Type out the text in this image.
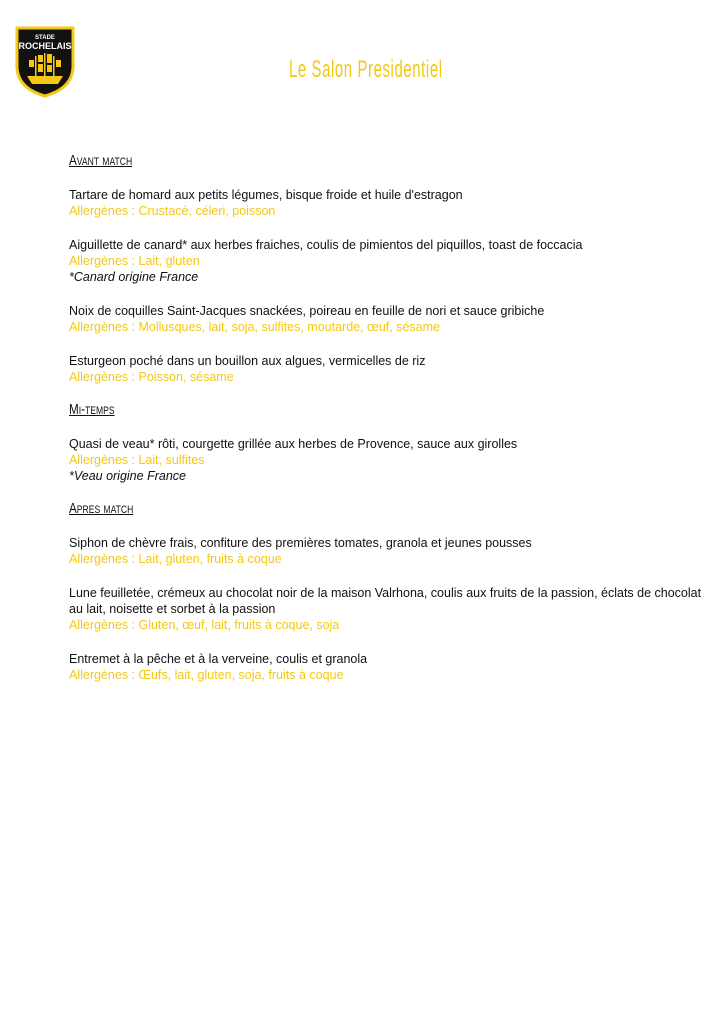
STADE
ROCHELAIS
Le Salon Presidentiel
Avant match

Tartare de homard aux petits légumes, bisque froide et huile d'estragon

Allergènes : Crustacé, céleri, poisson

Aiguillette de canard* aux herbes fraiches, coulis de pimientos del piquillos, toast de foccacia

Allergènes : Lait, gluten

*Canard origine France

Noix de coquilles Saint-Jacques snackées, poireau en feuille de nori et sauce gribiche

Allergènes : Mollusques, lait, soja, sulfites, moutarde, œuf, sésame

Esturgeon poché dans un bouillon aux algues, vermicelles de riz

Allergènes : Poisson, sésame

Mi-temps

Quasi de veau* rôti, courgette grillée aux herbes de Provence, sauce aux girolles

Allergènes : Lait, sulfites

*Veau origine France

Apres match

Siphon de chèvre frais, confiture des premières tomates, granola et jeunes pousses

Allergènes : Lait, gluten, fruits à coque

Lune feuilletée, crémeux au chocolat noir de la maison Valrhona, coulis aux fruits de la passion, éclats de chocolat au lait, noisette et sorbet à la passion

Allergènes : Gluten, œuf, lait, fruits à coque, soja

Entremet à la pêche et à la verveine, coulis et granola

Allergènes : Œufs, lait, gluten, soja, fruits à coque
